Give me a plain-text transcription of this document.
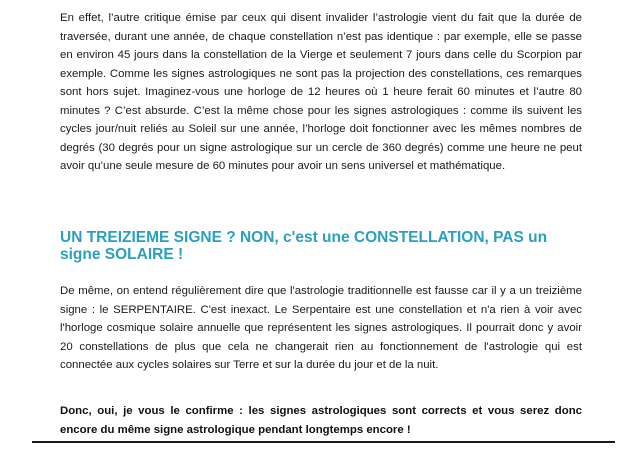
En effet, l’autre critique émise par ceux qui disent invalider l’astrologie vient du fait que la durée de traversée, durant une année, de chaque constellation n’est pas identique : par exemple, elle se passe en environ 45 jours dans la constellation de la Vierge et seulement 7 jours dans celle du Scorpion par exemple. Comme les signes astrologiques ne sont pas la projection des constellations, ces remarques sont hors sujet. Imaginez-vous une horloge de 12 heures où 1 heure ferait 60 minutes et l’autre 80 minutes ? C’est absurde. C’est la même chose pour les signes astrologiques : comme ils suivent les cycles jour/nuit reliés au Soleil sur une année, l’horloge doit fonctionner avec les mêmes nombres de degrés (30 degrés pour un signe astrologique sur un cercle de 360 degrés) comme une heure ne peut avoir qu’une seule mesure de 60 minutes pour avoir un sens universel et mathématique.

UN TREIZIEME SIGNE ? NON, c'est une CONSTELLATION, PAS un signe SOLAIRE !

De même, on entend régulièrement dire que l'astrologie traditionnelle est fausse car il y a un treizième signe : le SERPENTAIRE. C'est inexact. Le Serpentaire est une constellation et n'a rien à voir avec l'horloge cosmique solaire annuelle que représentent les signes astrologiques. Il pourrait donc y avoir 20 constellations de plus que cela ne changerait rien au fonctionnement de l'astrologie qui est connectée aux cycles solaires sur Terre et sur la durée du jour et de la nuit.

Donc, oui, je vous le confirme : les signes astrologiques sont corrects et vous serez donc encore du même signe astrologique pendant longtemps encore !
